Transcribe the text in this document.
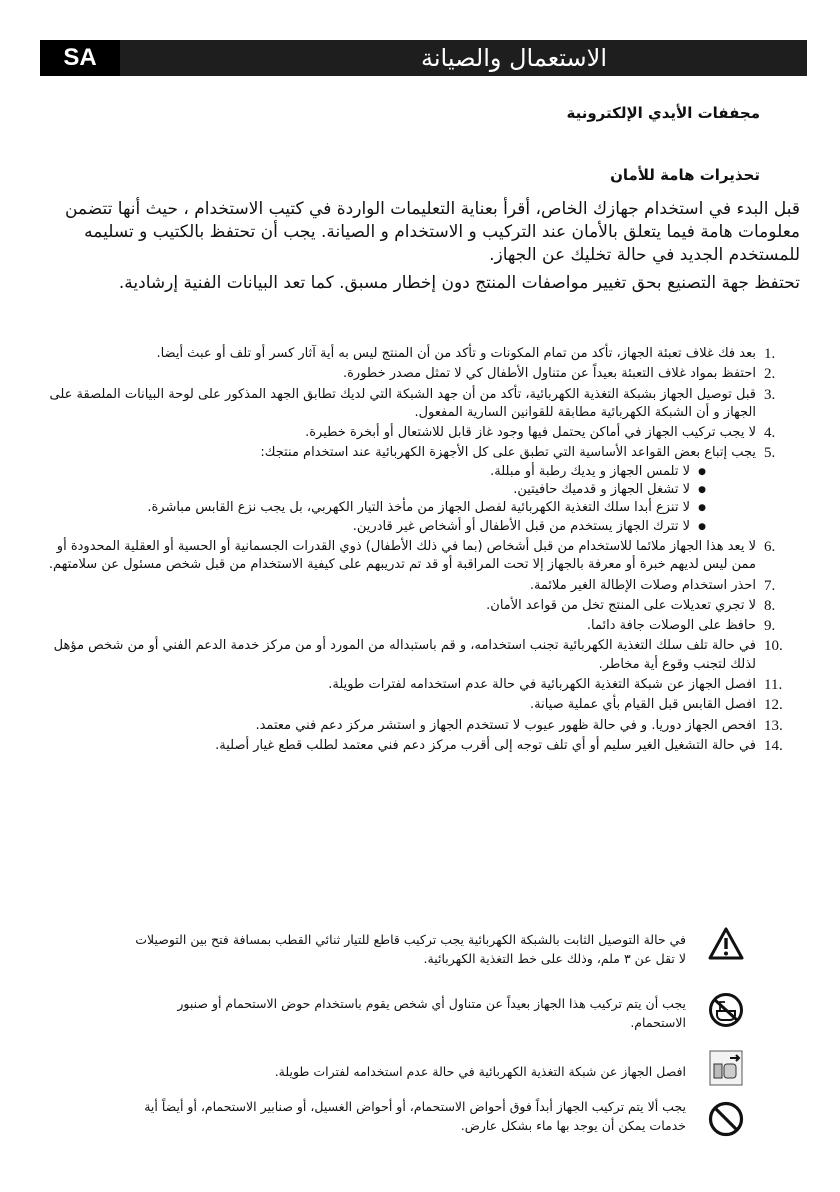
SA	الاستعمال والصيانة
مجففات الأيدي الإلكترونية
تحذيرات هامة للأمان

قبل البدء في استخدام جهازك الخاص، أقرأ بعناية التعليمات الواردة في كتيب الاستخدام ، حيث أنها تتضمن معلومات هامة فيما يتعلق بالأمان عند التركيب و الاستخدام و الصيانة. يجب أن تحتفظ بالكتيب و تسليمه للمستخدم الجديد في حالة تخليك عن الجهاز.

تحتفظ جهة التصنيع بحق تغيير مواصفات المنتج دون إخطار مسبق. كما تعد البيانات الفنية إرشادية.

1.
بعد فك غلاف تعبئة الجهاز، تأكد من تمام المكونات و تأكد من أن المنتج ليس به أية آثار كسر أو تلف أو عبث أيضا.
2.
احتفظ بمواد غلاف التعبئة بعيداً عن متناول الأطفال كي لا تمثل مصدر خطورة.
3.
قبل توصيل الجهاز بشبكة التغذية الكهربائية، تأكد من أن جهد الشبكة التي لديك تطابق الجهد المذكور على لوحة البيانات الملصقة على الجهاز و أن الشبكة الكهربائية مطابقة للقوانين السارية المفعول.
4.
لا يجب تركيب الجهاز في أماكن يحتمل فيها وجود غاز قابل للاشتعال أو أبخرة خطيرة.
5.
يجب إتباع بعض القواعد الأساسية التي تطبق على كل الأجهزة الكهربائية عند استخدام منتجك:
● لا تلمس الجهاز و يديك رطبة أو مبللة.
● لا تشغل الجهاز و قدميك حافيتين.
● لا تنزع أبدا سلك التغذية الكهربائية لفصل الجهاز من مأخذ التيار الكهربي، بل يجب نزع القابس مباشرة.
● لا تترك الجهاز يستخدم من قبل الأطفال أو أشخاص غير قادرين.
6.
لا يعد هذا الجهاز ملائما للاستخدام من قبل أشخاص (بما في ذلك الأطفال) ذوي القدرات الجسمانية أو الحسية أو العقلية المحدودة أو ممن ليس لديهم خبرة أو معرفة بالجهاز إلا تحت المراقبة أو قد تم تدريبهم على كيفية الاستخدام من قبل شخص مسئول عن سلامتهم.
7.
احذر استخدام وصلات الإطالة الغير ملائمة.
8.
لا تجري تعديلات على المنتج تخل من قواعد الأمان.
9.
حافظ على الوصلات جافة دائما.
10.
في حالة تلف سلك التغذية الكهربائية تجنب استخدامه، و قم باستبداله من المورد أو من مركز خدمة الدعم الفني أو من شخص مؤهل لذلك لتجنب وقوع أية مخاطر.
11.
افصل الجهاز عن شبكة التغذية الكهربائية في حالة عدم استخدامه لفترات طويلة.
12.
افصل القابس قبل القيام بأي عملية صيانة.
13.
افحص الجهاز دوريا. و في حالة ظهور عيوب لا تستخدم الجهاز و استشر مركز دعم فني معتمد.
14.
في حالة التشغيل الغير سليم أو أي تلف توجه إلى أقرب مركز دعم فني معتمد لطلب قطع غيار أصلية.
في حالة التوصيل الثابت بالشبكة الكهربائية يجب تركيب قاطع للتيار ثنائي القطب بمسافة فتح بين التوصيلات لا تقل عن ٣ ملم، وذلك على خط التغذية الكهربائية.
يجب أن يتم تركيب هذا الجهاز بعيداً عن متناول أي شخص يقوم باستخدام حوض الاستحمام أو صنبور الاستحمام.
افصل الجهاز عن شبكة التغذية الكهربائية في حالة عدم استخدامه لفترات طويلة.
يجب ألا يتم تركيب الجهاز أبداً فوق أحواض الاستحمام، أو أحواض الغسيل، أو صنابير الاستحمام، أو أيضاً أية خدمات يمكن أن يوجد بها ماء بشكل عارض.
